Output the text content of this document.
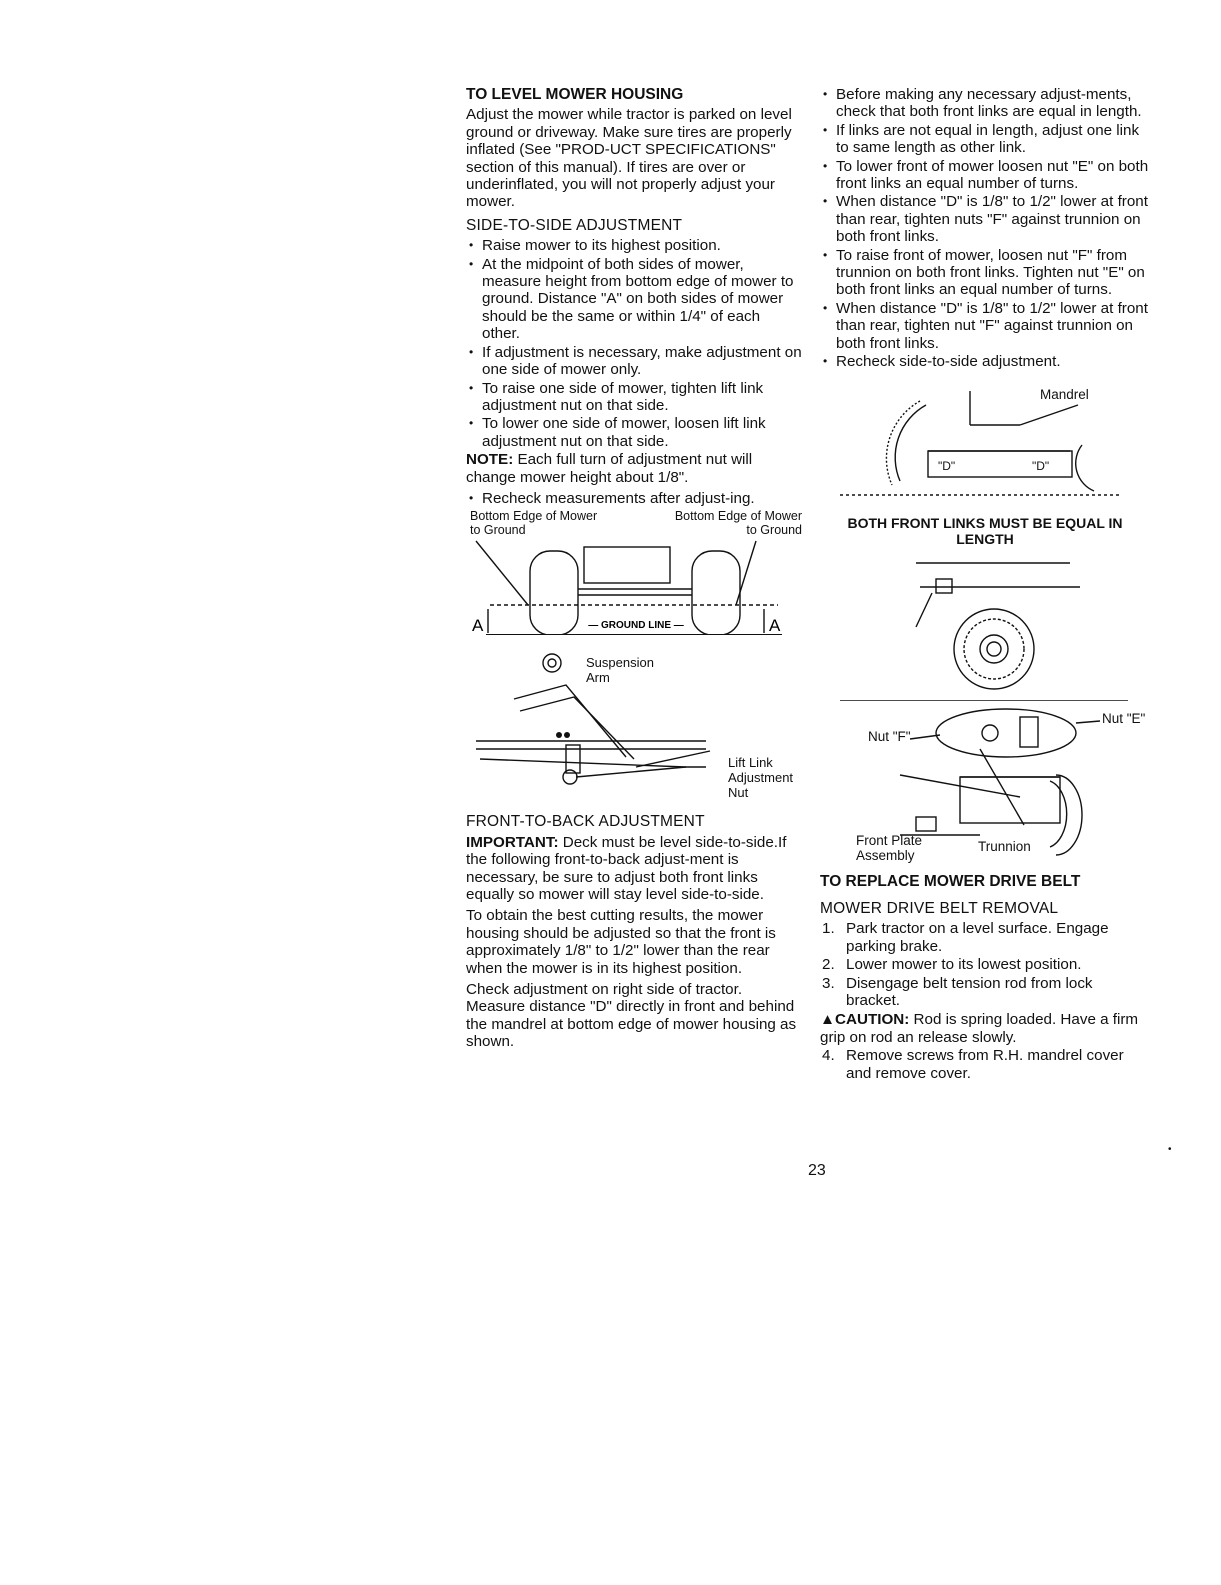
TO LEVEL MOWER HOUSING

Adjust the mower while tractor is parked on level ground or driveway. Make sure tires are properly inflated (See "PROD-UCT SPECIFICATIONS" section of this manual). If tires are over or underinflated, you will not properly adjust your mower.

SIDE-TO-SIDE ADJUSTMENT
• Raise mower to its highest position.
• At the midpoint of both sides of mower, measure height from bottom edge of mower to ground. Distance "A" on both sides of mower should be the same or within 1/4" of each other.
• If adjustment is necessary, make adjustment on one side of mower only.
• To raise one side of mower, tighten lift link adjustment nut on that side.
• To lower one side of mower, loosen lift link adjustment nut on that side.

NOTE: Each full turn of adjustment nut will change mower height about 1/8".

• Recheck measurements after adjust-ing.
Bottom Edge of Mower to Ground
Bottom Edge of Mower to Ground
A	A
— GROUND LINE —
Suspension Arm
Lift Link Adjustment Nut
FRONT-TO-BACK ADJUSTMENT

IMPORTANT: Deck must be level side-to-side.If the following front-to-back adjust-ment is necessary, be sure to adjust both front links equally so mower will stay level side-to-side.

To obtain the best cutting results, the mower housing should be adjusted so that the front is approximately 1/8" to 1/2" lower than the rear when the mower is in its highest position.

Check adjustment on right side of tractor. Measure distance "D" directly in front and behind the mandrel at bottom edge of mower housing as shown.

• Before making any necessary adjust-ments, check that both front links are equal in length.
• If links are not equal in length, adjust one link to same length as other link.
• To lower front of mower loosen nut "E" on both front links an equal number of turns.
• When distance "D" is 1/8" to 1/2" lower at front than rear, tighten nuts "F" against trunnion on both front links.
• To raise front of mower, loosen nut "F" from trunnion on both front links. Tighten nut "E" on both front links an equal number of turns.
• When distance "D" is 1/8" to 1/2" lower at front than rear, tighten nut "F" against trunnion on both front links.
• Recheck side-to-side adjustment.
Mandrel
"D"	"D"
BOTH FRONT LINKS MUST BE EQUAL IN LENGTH
Nut "E"
Nut "F"
Front Plate Assembly
Trunnion
TO REPLACE MOWER DRIVE BELT
MOWER DRIVE BELT REMOVAL
1. Park tractor on a level surface. Engage parking brake.
2. Lower mower to its lowest position.
3. Disengage belt tension rod from lock bracket.

▲CAUTION: Rod is spring loaded. Have a firm grip on rod an release slowly.

4. Remove screws from R.H. mandrel cover and remove cover.
23
•
